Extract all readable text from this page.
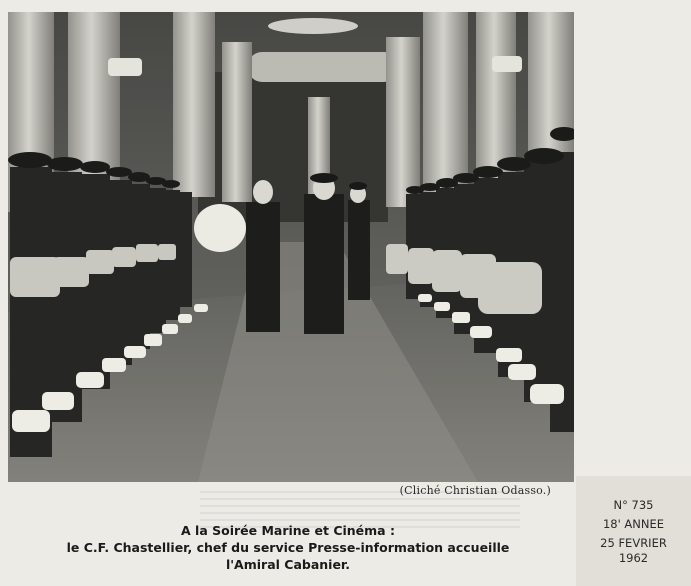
(Cliché Christian Odasso.)
A la Soirée Marine et Cinéma :
le C.F. Chastellier, chef du service Presse-information accueille
l'Amiral Cabanier.
N° 735
18' ANNEE
25 FEVRIER
1962
